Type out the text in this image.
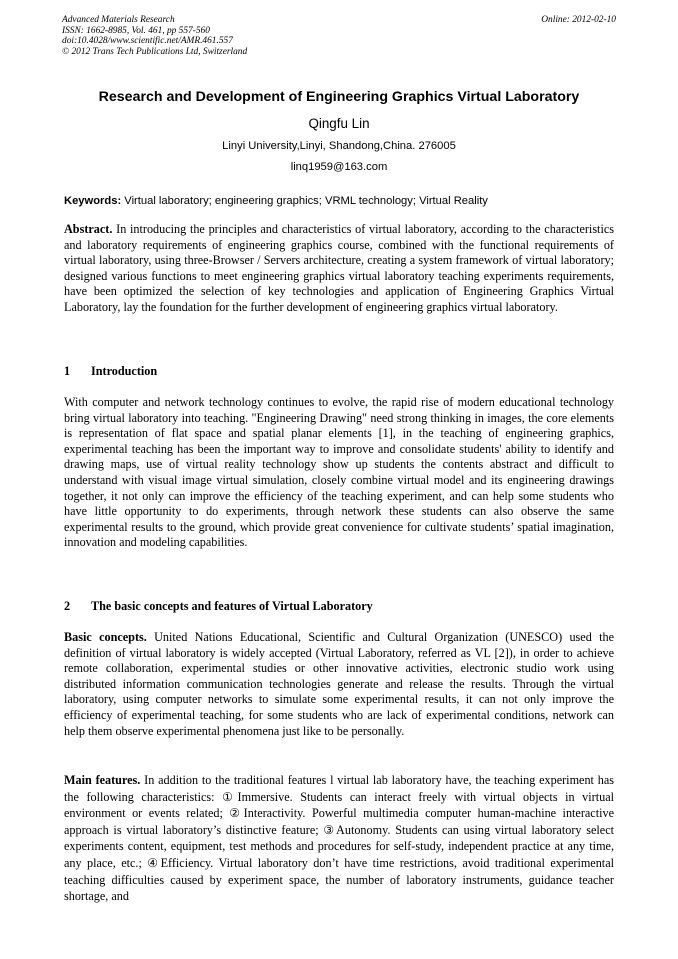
Advanced Materials Research
ISSN: 1662-8985, Vol. 461, pp 557-560
doi:10.4028/www.scientific.net/AMR.461.557
© 2012 Trans Tech Publications Ltd, Switzerland
Online: 2012-02-10
Research and Development of Engineering Graphics Virtual Laboratory
Qingfu Lin
Linyi University,Linyi, Shandong,China. 276005
linq1959@163.com
Keywords: Virtual laboratory; engineering graphics; VRML technology; Virtual Reality
Abstract. In introducing the principles and characteristics of virtual laboratory, according to the characteristics and laboratory requirements of engineering graphics course, combined with the functional requirements of virtual laboratory, using three-Browser / Servers architecture, creating a system framework of virtual laboratory; designed various functions to meet engineering graphics virtual laboratory teaching experiments requirements, have been optimized the selection of key technologies and application of Engineering Graphics Virtual Laboratory, lay the foundation for the further development of engineering graphics virtual laboratory.
1 Introduction
With computer and network technology continues to evolve, the rapid rise of modern educational technology bring virtual laboratory into teaching. "Engineering Drawing" need strong thinking in images, the core elements is representation of flat space and spatial planar elements [1], in the teaching of engineering graphics, experimental teaching has been the important way to improve and consolidate students' ability to identify and drawing maps, use of virtual reality technology show up students the contents abstract and difficult to understand with visual image virtual simulation, closely combine virtual model and its engineering drawings together, it not only can improve the efficiency of the teaching experiment, and can help some students who have little opportunity to do experiments, through network these students can also observe the same experimental results to the ground, which provide great convenience for cultivate students’ spatial imagination, innovation and modeling capabilities.
2 The basic concepts and features of Virtual Laboratory
Basic concepts. United Nations Educational, Scientific and Cultural Organization (UNESCO) used the definition of virtual laboratory is widely accepted (Virtual Laboratory, referred as VL [2]), in order to achieve remote collaboration, experimental studies or other innovative activities, electronic studio work using distributed information communication technologies generate and release the results. Through the virtual laboratory, using computer networks to simulate some experimental results, it can not only improve the efficiency of experimental teaching, for some students who are lack of experimental conditions, network can help them observe experimental phenomena just like to be personally.
Main features. In addition to the traditional features l virtual lab laboratory have, the teaching experiment has the following characteristics: ①Immersive. Students can interact freely with virtual objects in virtual environment or events related; ②Interactivity. Powerful multimedia computer human-machine interactive approach is virtual laboratory’s distinctive feature; ③Autonomy. Students can using virtual laboratory select experiments content, equipment, test methods and procedures for self-study, independent practice at any time, any place, etc.; ④Efficiency. Virtual laboratory don’t have time restrictions, avoid traditional experimental teaching difficulties caused by experiment space, the number of laboratory instruments, guidance teacher shortage, and
